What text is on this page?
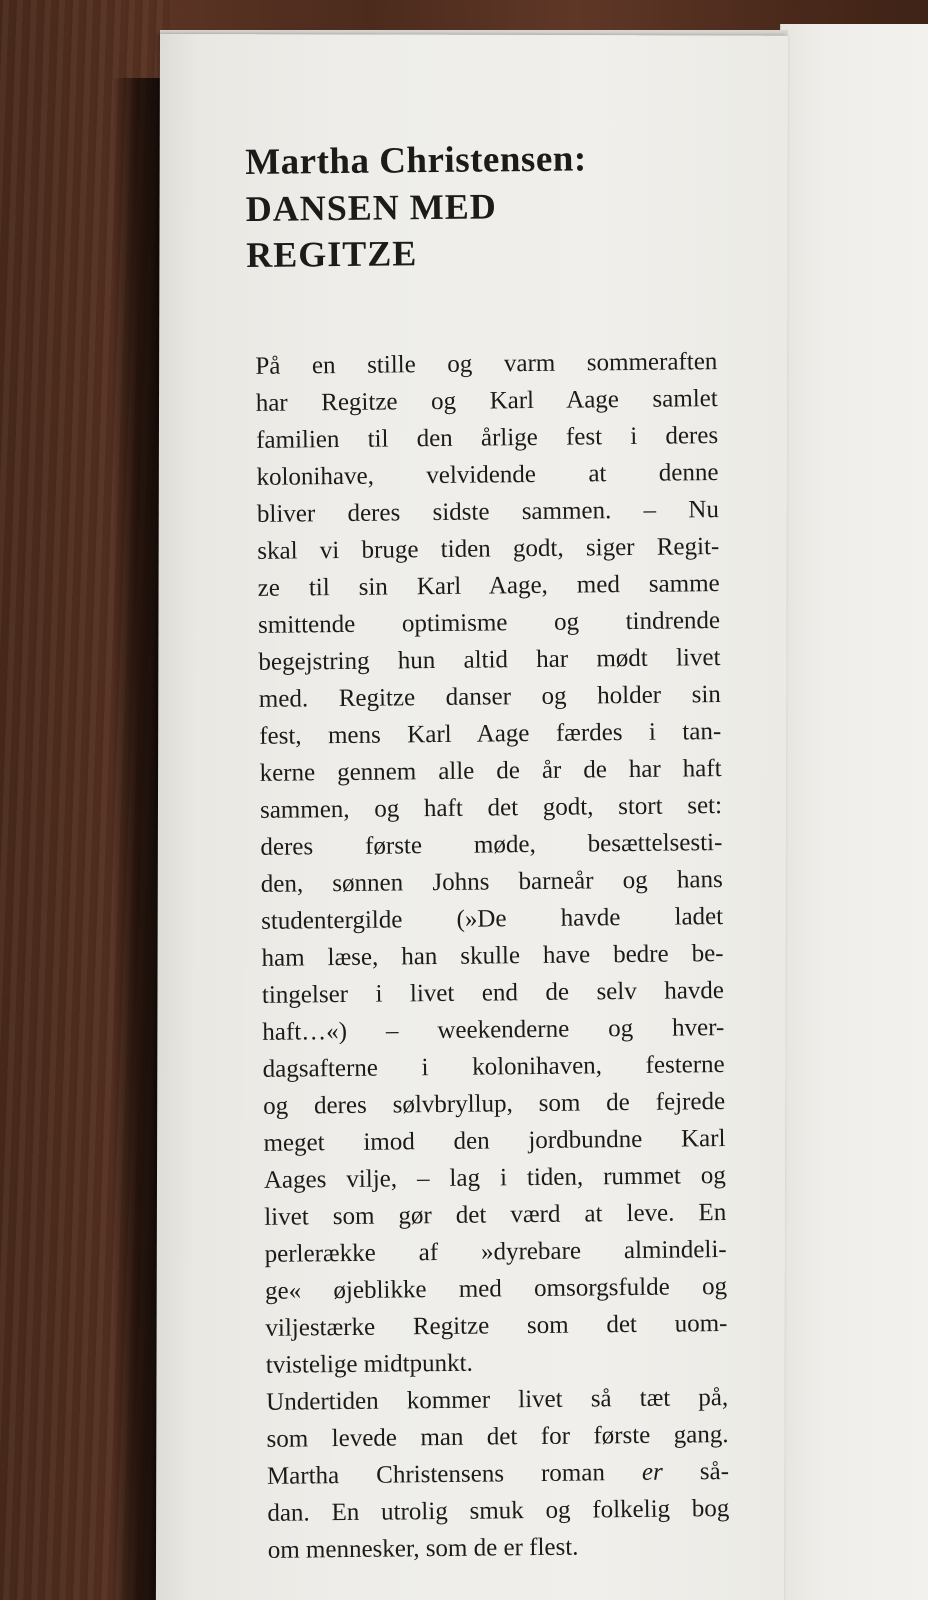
Martha Christensen:
DANSEN MED
REGITZE

På en stille og varm sommeraften
har Regitze og Karl Aage samlet
familien til den årlige fest i deres
kolonihave, velvidende at denne
bliver deres sidste sammen. – Nu
skal vi bruge tiden godt, siger Regit-
ze til sin Karl Aage, med samme
smittende optimisme og tindrende
begejstring hun altid har mødt livet
med. Regitze danser og holder sin
fest, mens Karl Aage færdes i tan-
kerne gennem alle de år de har haft
sammen, og haft det godt, stort set:
deres første møde, besættelsesti-
den, sønnen Johns barneår og hans
studentergilde (»De havde ladet
ham læse, han skulle have bedre be-
tingelser i livet end de selv havde
haft…«) – weekenderne og hver-
dagsafterne i kolonihaven, festerne
og deres sølvbryllup, som de fejrede
meget imod den jordbundne Karl
Aages vilje, – lag i tiden, rummet og
livet som gør det værd at leve. En
perlerække af »dyrebare almindeli-
ge« øjeblikke med omsorgsfulde og
viljestærke Regitze som det uom-
tvistelige midtpunkt.

Undertiden kommer livet så tæt på,
som levede man det for første gang.
Martha Christensens roman er så-
dan. En utrolig smuk og folkelig bog
om mennesker, som de er flest.
